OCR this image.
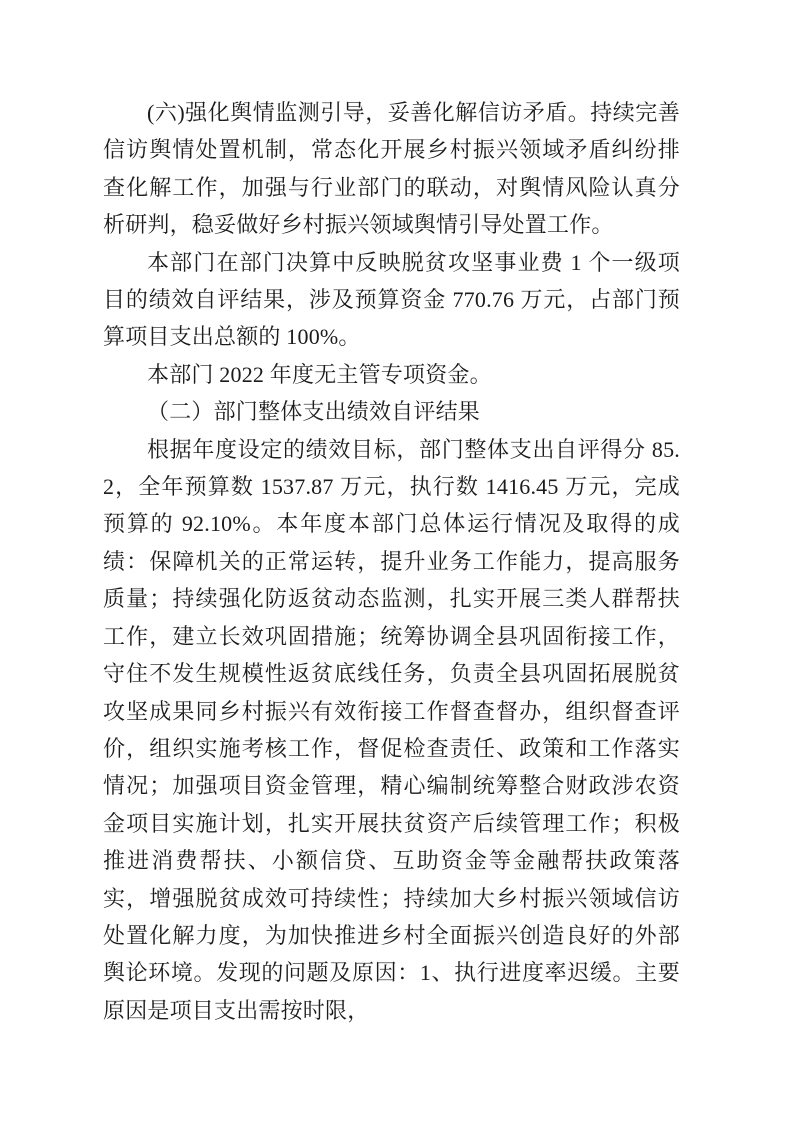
(六)强化舆情监测引导，妥善化解信访矛盾。持续完善信访舆情处置机制，常态化开展乡村振兴领域矛盾纠纷排查化解工作，加强与行业部门的联动，对舆情风险认真分析研判，稳妥做好乡村振兴领域舆情引导处置工作。

本部门在部门决算中反映脱贫攻坚事业费 1 个一级项目的绩效自评结果，涉及预算资金 770.76 万元，占部门预算项目支出总额的 100%。

本部门 2022 年度无主管专项资金。

（二）部门整体支出绩效自评结果

根据年度设定的绩效目标，部门整体支出自评得分 85.2，全年预算数 1537.87 万元，执行数 1416.45 万元，完成预算的 92.10%。本年度本部门总体运行情况及取得的成绩：保障机关的正常运转，提升业务工作能力，提高服务质量；持续强化防返贫动态监测，扎实开展三类人群帮扶工作，建立长效巩固措施；统筹协调全县巩固衔接工作，守住不发生规模性返贫底线任务，负责全县巩固拓展脱贫攻坚成果同乡村振兴有效衔接工作督查督办，组织督查评价，组织实施考核工作，督促检查责任、政策和工作落实情况；加强项目资金管理，精心编制统筹整合财政涉农资金项目实施计划，扎实开展扶贫资产后续管理工作；积极推进消费帮扶、小额信贷、互助资金等金融帮扶政策落实，增强脱贫成效可持续性；持续加大乡村振兴领域信访处置化解力度，为加快推进乡村全面振兴创造良好的外部舆论环境。发现的问题及原因：1、执行进度率迟缓。主要原因是项目支出需按时限，
